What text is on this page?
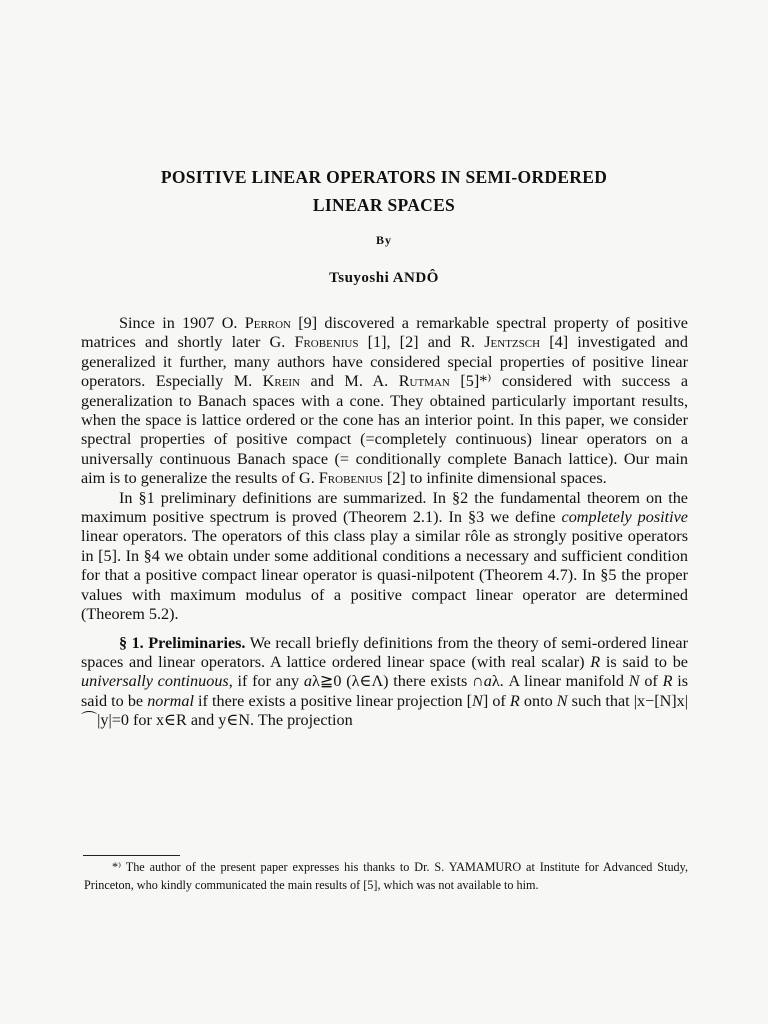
POSITIVE LINEAR OPERATORS IN SEMI-ORDERED
LINEAR SPACES
By
Tsuyoshi ANDÔ

Since in 1907 O. Perron [9] discovered a remarkable spectral property of positive matrices and shortly later G. Frobenius [1], [2] and R. Jentzsch [4] investigated and generalized it further, many authors have considered special properties of positive linear operators. Especially M. Krein and M. A. Rutman [5]*⁾ considered with success a generalization to Banach spaces with a cone. They obtained particularly important results, when the space is lattice ordered or the cone has an interior point. In this paper, we consider spectral properties of positive compact (=completely continuous) linear operators on a universally continuous Banach space (= conditionally complete Banach lattice). Our main aim is to generalize the results of G. Frobenius [2] to infinite dimensional spaces.

In §1 preliminary definitions are summarized. In §2 the fundamental theorem on the maximum positive spectrum is proved (Theorem 2.1). In §3 we define completely positive linear operators. The operators of this class play a similar rôle as strongly positive operators in [5]. In §4 we obtain under some additional conditions a necessary and sufficient condition for that a positive compact linear operator is quasi-nilpotent (Theorem 4.7). In §5 the proper values with maximum modulus of a positive compact linear operator are determined (Theorem 5.2).

§ 1. Preliminaries. We recall briefly definitions from the theory of semi-ordered linear spaces and linear operators. A lattice ordered linear space (with real scalar) R is said to be universally continuous, if for any aλ≧0 (λ∈Λ) there exists ∩aλ. A linear manifold N of R is said to be normal if there exists a positive linear projection [N] of R onto N such that |x−[N]x|⌒|y|=0 for x∈R and y∈N. The projection

*⁾ The author of the present paper expresses his thanks to Dr. S. YAMAMURO at Institute for Advanced Study, Princeton, who kindly communicated the main results of [5], which was not available to him.
